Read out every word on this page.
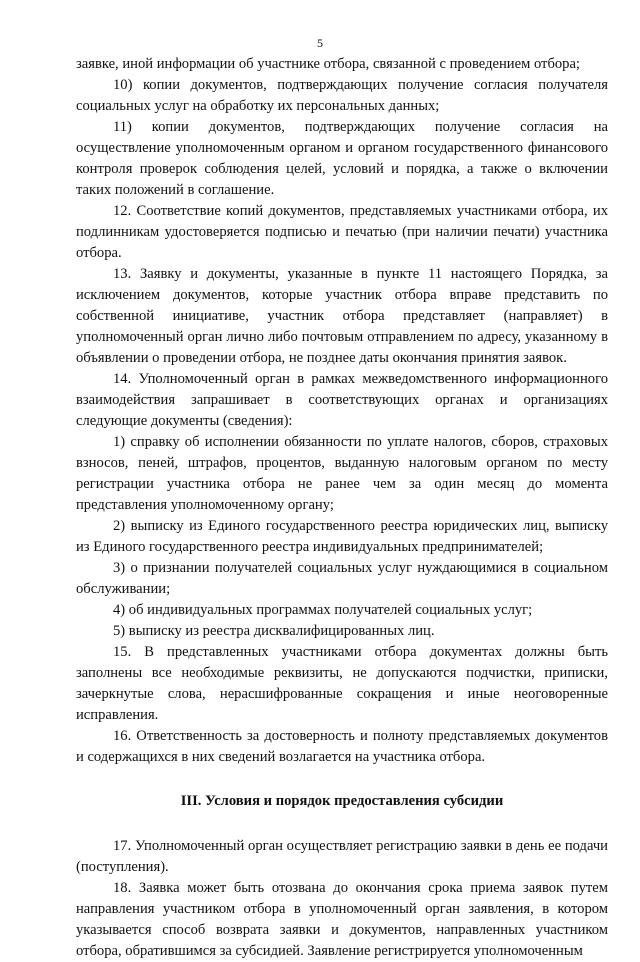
5

заявке, иной информации об участнике отбора, связанной с проведением отбора;

10) копии документов, подтверждающих получение согласия получателя социальных услуг на обработку их персональных данных;

11) копии документов, подтверждающих получение согласия на осуществление уполномоченным органом и органом государственного финансового контроля проверок соблюдения целей, условий и порядка, а также о включении таких положений в соглашение.

12. Соответствие копий документов, представляемых участниками отбора, их подлинникам удостоверяется подписью и печатью (при наличии печати) участника отбора.

13. Заявку и документы, указанные в пункте 11 настоящего Порядка, за исключением документов, которые участник отбора вправе представить по собственной инициативе, участник отбора представляет (направляет) в уполномоченный орган лично либо почтовым отправлением по адресу, указанному в объявлении о проведении отбора, не позднее даты окончания принятия заявок.

14. Уполномоченный орган в рамках межведомственного информационного взаимодействия запрашивает в соответствующих органах и организациях следующие документы (сведения):

1) справку об исполнении обязанности по уплате налогов, сборов, страховых взносов, пеней, штрафов, процентов, выданную налоговым органом по месту регистрации участника отбора не ранее чем за один месяц до момента представления уполномоченному органу;

2) выписку из Единого государственного реестра юридических лиц, выписку из Единого государственного реестра индивидуальных предпринимателей;

3) о признании получателей социальных услуг нуждающимися в социальном обслуживании;

4) об индивидуальных программах получателей социальных услуг;

5) выписку из реестра дисквалифицированных лиц.

15. В представленных участниками отбора документах должны быть заполнены все необходимые реквизиты, не допускаются подчистки, приписки, зачеркнутые слова, нерасшифрованные сокращения и иные неоговоренные исправления.

16. Ответственность за достоверность и полноту представляемых документов и содержащихся в них сведений возлагается на участника отбора.

III. Условия и порядок предоставления субсидии

17. Уполномоченный орган осуществляет регистрацию заявки в день ее подачи (поступления).

18. Заявка может быть отозвана до окончания срока приема заявок путем направления участником отбора в уполномоченный орган заявления, в котором указывается способ возврата заявки и документов, направленных участником отбора, обратившимся за субсидией. Заявление регистрируется уполномоченным
